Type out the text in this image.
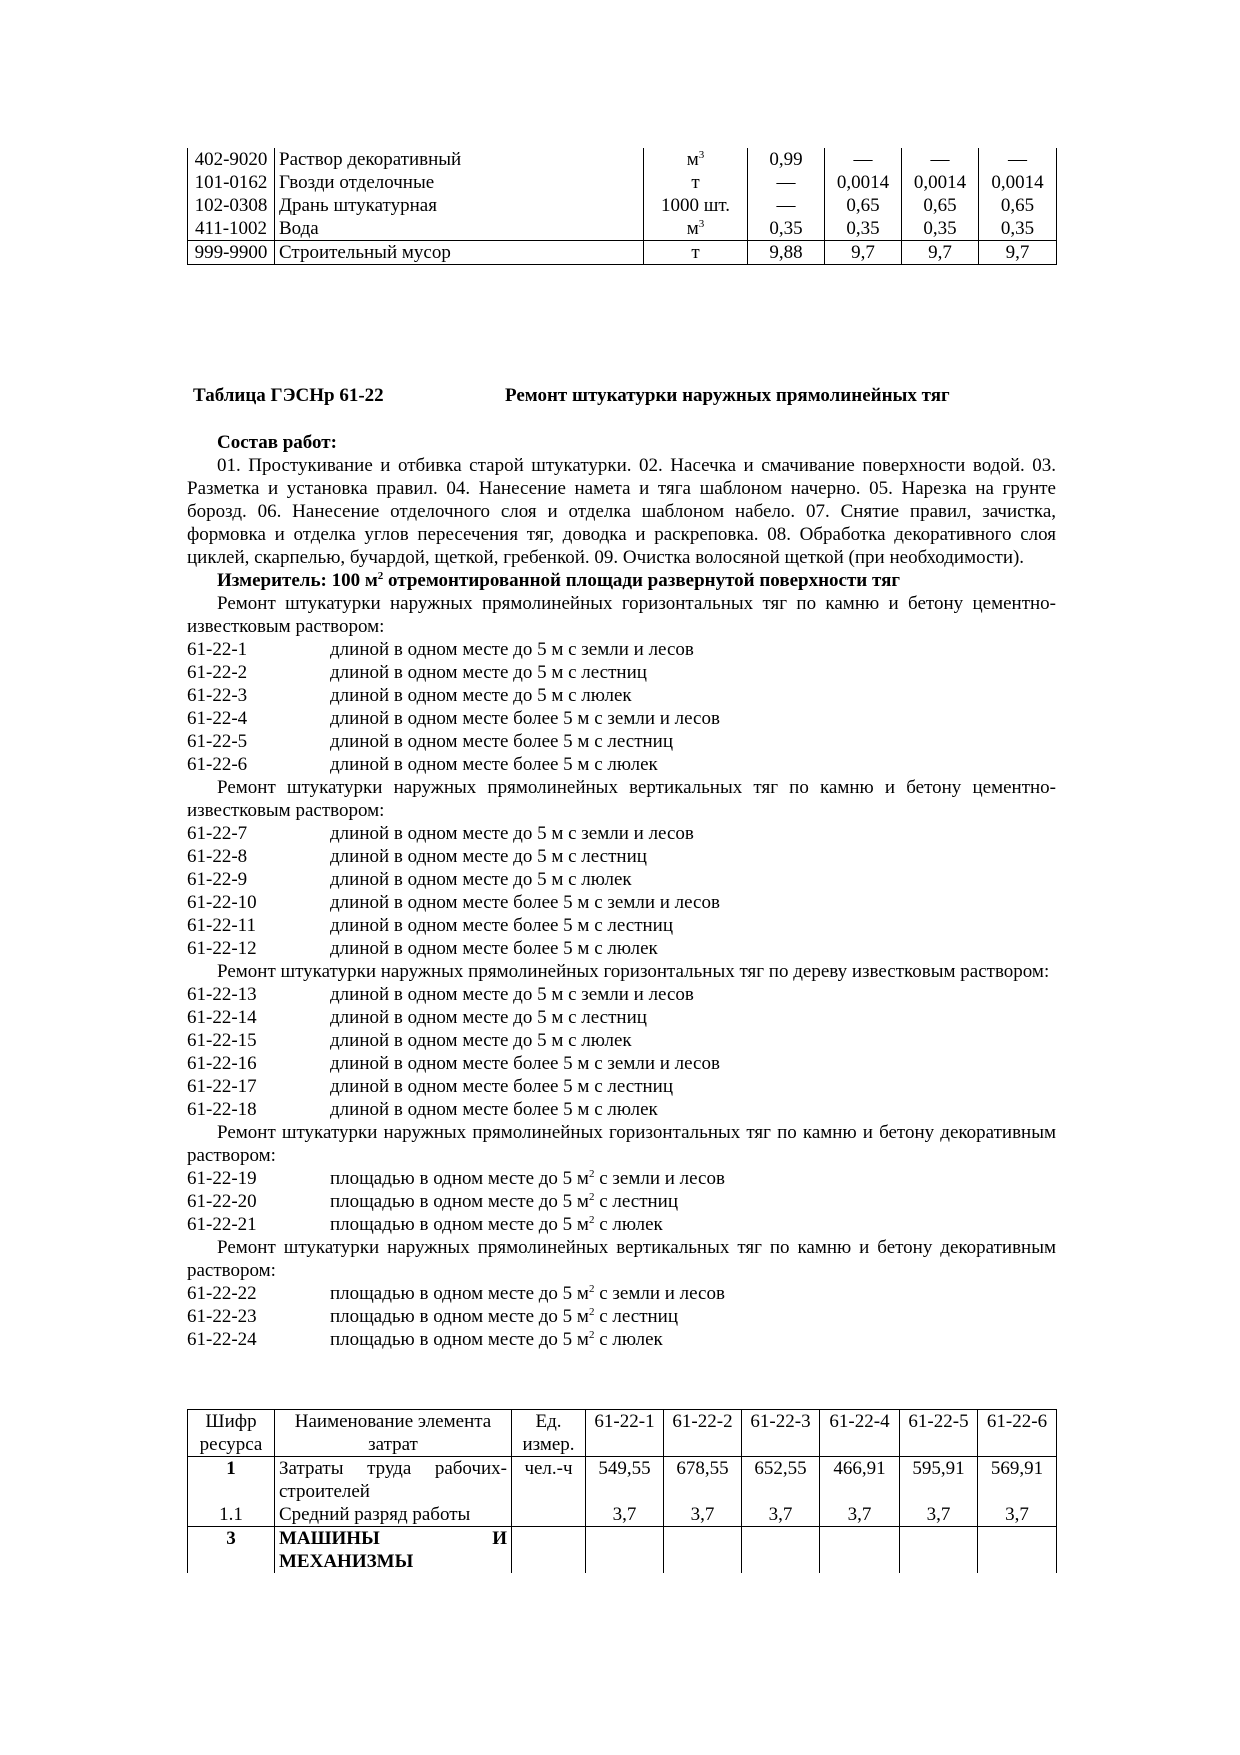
402-9020	Раствор декоративный	$м^3$	0,99	—	—	—
101-0162	Гвозди отделочные	т	—	0,0014	0,0014	0,0014
102-0308	Дрань штукатурная	1000 шт.	—	0,65	0,65	0,65
411-1002	Вода	$м^3$	0,35	0,35	0,35	0,35
999-9900	Строительный мусор	т	9,88	9,7	9,7	9,7
Таблица ГЭСНр 61-22	Ремонт штукатурки наружных прямолинейных тяг

Состав работ:

01. Простукивание и отбивка старой штукатурки. 02. Насечка и смачивание поверхности водой. 03. Разметка и установка правил. 04. Нанесение намета и тяга шаблоном начерно. 05. Нарезка на грунте борозд. 06. Нанесение отделочного слоя и отделка шаблоном набело. 07. Снятие правил, зачистка, формовка и отделка углов пересечения тяг, доводка и раскреповка. 08. Обработка декоративного слоя циклей, скарпелью, бучардой, щеткой, гребенкой. 09. Очистка волосяной щеткой (при необходимости).

Измеритель: 100 $м^2$ отремонтированной площади развернутой поверхности тяг

Ремонт штукатурки наружных прямолинейных горизонтальных тяг по камню и бетону цементно-известковым раствором:

61-22-1	длиной в одном месте до 5 м с земли и лесов

61-22-2	длиной в одном месте до 5 м с лестниц

61-22-3	длиной в одном месте до 5 м с люлек

61-22-4	длиной в одном месте более 5 м с земли и лесов

61-22-5	длиной в одном месте более 5 м с лестниц

61-22-6	длиной в одном месте более 5 м с люлек

Ремонт штукатурки наружных прямолинейных вертикальных тяг по камню и бетону цементно-известковым раствором:

61-22-7	длиной в одном месте до 5 м с земли и лесов

61-22-8	длиной в одном месте до 5 м с лестниц

61-22-9	длиной в одном месте до 5 м с люлек

61-22-10	длиной в одном месте более 5 м с земли и лесов

61-22-11	длиной в одном месте более 5 м с лестниц

61-22-12	длиной в одном месте более 5 м с люлек

Ремонт штукатурки наружных прямолинейных горизонтальных тяг по дереву известковым раствором:

61-22-13	длиной в одном месте до 5 м с земли и лесов

61-22-14	длиной в одном месте до 5 м с лестниц

61-22-15	длиной в одном месте до 5 м с люлек

61-22-16	длиной в одном месте более 5 м с земли и лесов

61-22-17	длиной в одном месте более 5 м с лестниц

61-22-18	длиной в одном месте более 5 м с люлек

Ремонт штукатурки наружных прямолинейных горизонтальных тяг по камню и бетону декоративным раствором:

61-22-19	площадью в одном месте до 5 $м^2$ с земли и лесов

61-22-20	площадью в одном месте до 5 $м^2$ с лестниц

61-22-21	площадью в одном месте до 5 $м^2$ с люлек

Ремонт штукатурки наружных прямолинейных вертикальных тяг по камню и бетону декоративным раствором:

61-22-22	площадью в одном месте до 5 $м^2$ с земли и лесов

61-22-23	площадью в одном месте до 5 $м^2$ с лестниц

61-22-24	площадью в одном месте до 5 $м^2$ с люлек

Шифр ресурса	Наименование элемента затрат	Ед. измер.	61-22-1	61-22-2	61-22-3	61-22-4	61-22-5	61-22-6
1	Затраты труда рабочих-строителей	чел.-ч	549,55	678,55	652,55	466,91	595,91	569,91
1.1	Средний разряд работы		3,7	3,7	3,7	3,7	3,7	3,7
3	МАШИНЫ И МЕХАНИЗМЫ							
